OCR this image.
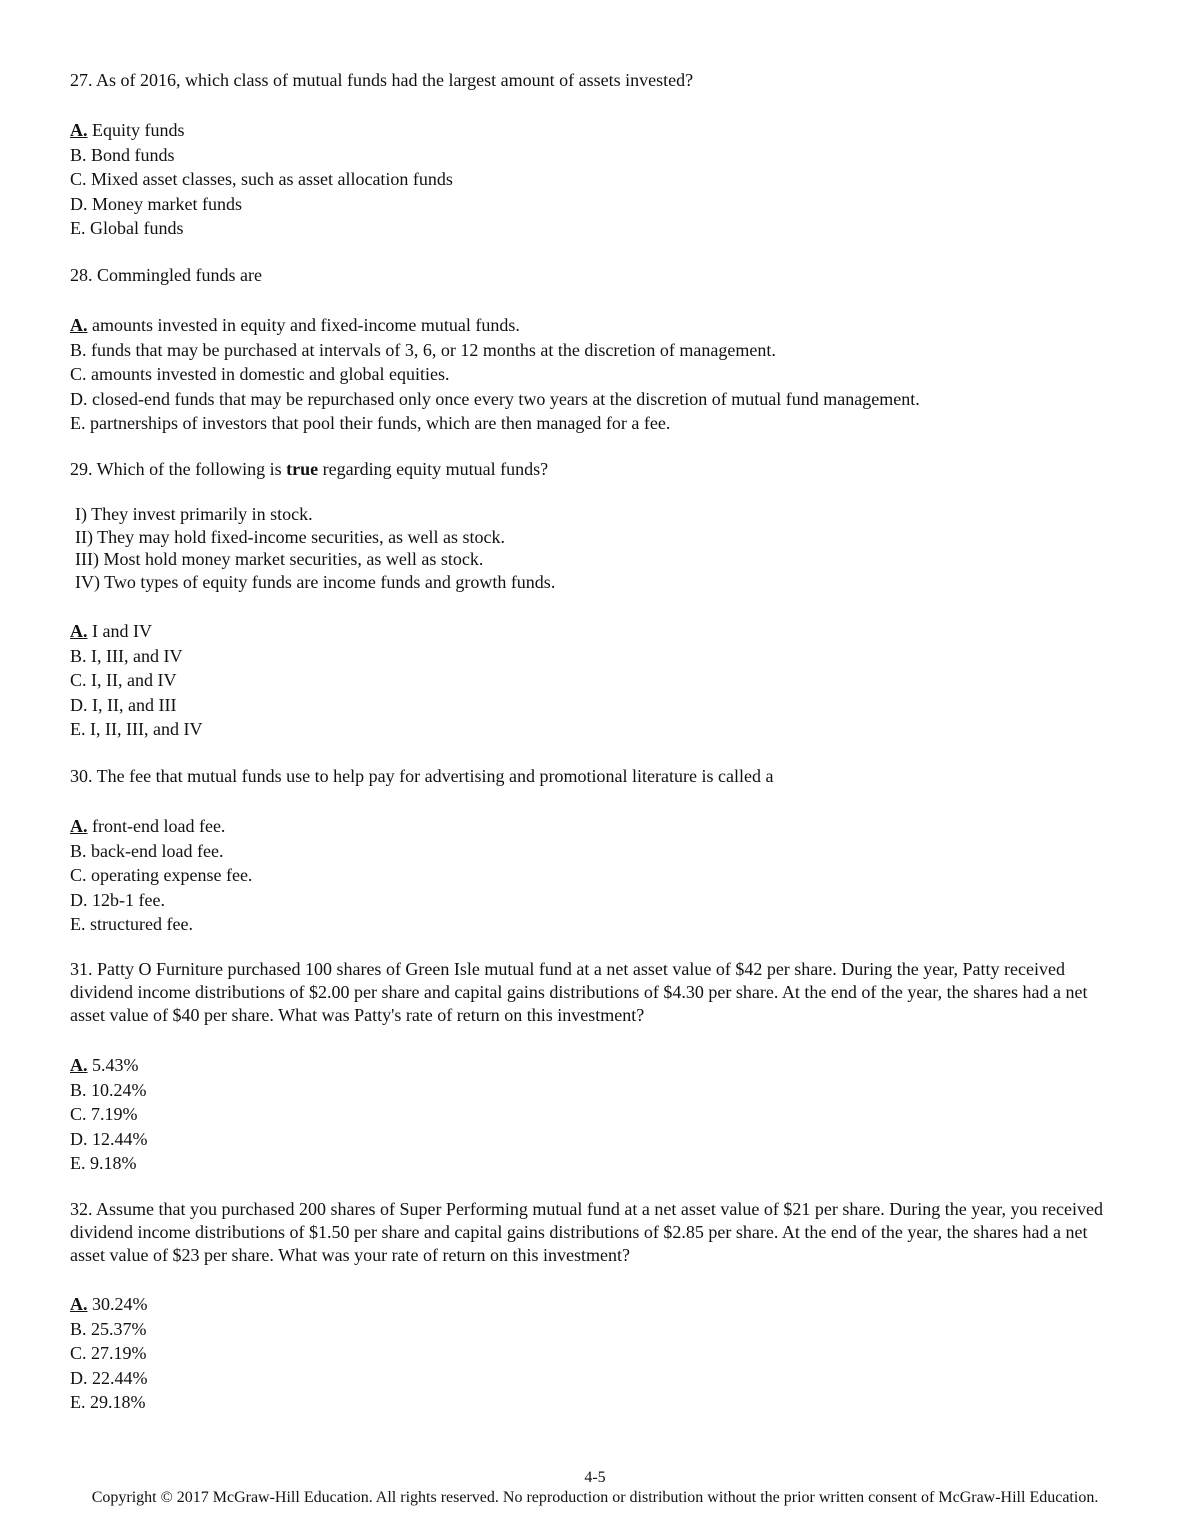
27. As of 2016, which class of mutual funds had the largest amount of assets invested?
A. Equity funds
B. Bond funds
C. Mixed asset classes, such as asset allocation funds
D. Money market funds
E. Global funds
28. Commingled funds are
A. amounts invested in equity and fixed-income mutual funds.
B. funds that may be purchased at intervals of 3, 6, or 12 months at the discretion of management.
C. amounts invested in domestic and global equities.
D. closed-end funds that may be repurchased only once every two years at the discretion of mutual fund management.
E. partnerships of investors that pool their funds, which are then managed for a fee.
29. Which of the following is true regarding equity mutual funds?
I) They invest primarily in stock.
II) They may hold fixed-income securities, as well as stock.
III) Most hold money market securities, as well as stock.
IV) Two types of equity funds are income funds and growth funds.
A. I and IV
B. I, III, and IV
C. I, II, and IV
D. I, II, and III
E. I, II, III, and IV
30. The fee that mutual funds use to help pay for advertising and promotional literature is called a
A. front-end load fee.
B. back-end load fee.
C. operating expense fee.
D. 12b-1 fee.
E. structured fee.
31. Patty O Furniture purchased 100 shares of Green Isle mutual fund at a net asset value of $42 per share. During the year, Patty received dividend income distributions of $2.00 per share and capital gains distributions of $4.30 per share. At the end of the year, the shares had a net asset value of $40 per share. What was Patty's rate of return on this investment?
A. 5.43%
B. 10.24%
C. 7.19%
D. 12.44%
E. 9.18%
32. Assume that you purchased 200 shares of Super Performing mutual fund at a net asset value of $21 per share. During the year, you received dividend income distributions of $1.50 per share and capital gains distributions of $2.85 per share. At the end of the year, the shares had a net asset value of $23 per share. What was your rate of return on this investment?
A. 30.24%
B. 25.37%
C. 27.19%
D. 22.44%
E. 29.18%
4-5
Copyright © 2017 McGraw-Hill Education. All rights reserved. No reproduction or distribution without the prior written consent of McGraw-Hill Education.
